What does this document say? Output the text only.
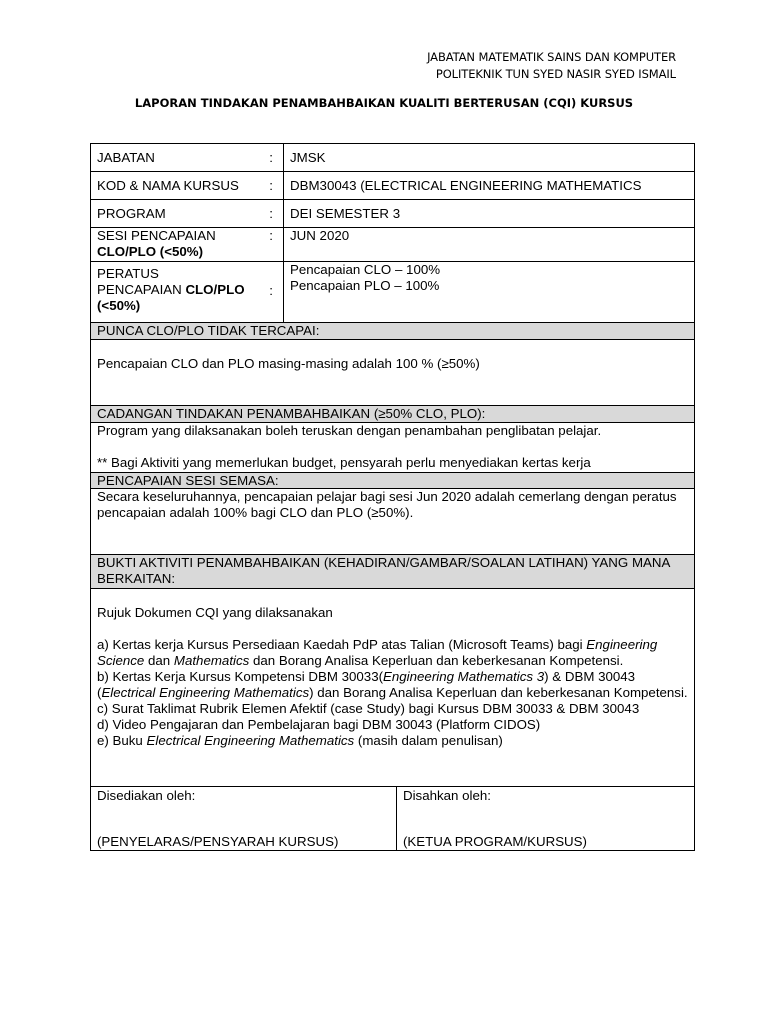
JABATAN MATEMATIK SAINS DAN KOMPUTER
POLITEKNIK TUN SYED NASIR SYED ISMAIL
LAPORAN TINDAKAN PENAMBAHBAIKAN KUALITI BERTERUSAN (CQI) KURSUS
JABATAN	:	JMSK
KOD & NAMA KURSUS :	DBM30043 (ELECTRICAL ENGINEERING MATHEMATICS
PROGRAM	:	DEI SEMESTER 3
SESI PENCAPAIAN
CLO/PLO (<50%)
:	JUN 2020
PERATUS
PENCAPAIAN CLO/PLO
(<50%)
:
Pencapaian CLO – 100%
Pencapaian PLO – 100%
PUNCA CLO/PLO TIDAK TERCAPAI:
Pencapaian CLO dan PLO masing-masing adalah 100 % (≥50%)
CADANGAN TINDAKAN PENAMBAHBAIKAN (≥50% CLO, PLO):

Program yang dilaksanakan boleh teruskan dengan penambahan penglibatan pelajar.

** Bagi Aktiviti yang memerlukan budget, pensyarah perlu menyediakan kertas kerja

PENCAPAIAN SESI SEMASA:
Secara keseluruhannya, pencapaian pelajar bagi sesi Jun 2020 adalah cemerlang dengan peratus pencapaian adalah 100% bagi CLO dan PLO (≥50%).
BUKTI AKTIVITI PENAMBAHBAIKAN (KEHADIRAN/GAMBAR/SOALAN LATIHAN) YANG MANA BERKAITAN:

Rujuk Dokumen CQI yang dilaksanakan

a) Kertas kerja Kursus Persediaan Kaedah PdP atas Talian (Microsoft Teams) bagi Engineering Science dan Mathematics dan Borang Analisa Keperluan dan keberkesanan Kompetensi.

b) Kertas Kerja Kursus Kompetensi DBM 30033(Engineering Mathematics 3) & DBM 30043 (Electrical Engineering Mathematics) dan Borang Analisa Keperluan dan keberkesanan Kompetensi.

c) Surat Taklimat Rubrik Elemen Afektif (case Study) bagi Kursus DBM 30033 & DBM 30043

d) Video Pengajaran dan Pembelajaran bagi DBM 30043 (Platform CIDOS)

e) Buku Electrical Engineering Mathematics (masih dalam penulisan)

Disediakan oleh:
(PENYELARAS/PENSYARAH KURSUS)
Disahkan oleh:
(KETUA PROGRAM/KURSUS)
